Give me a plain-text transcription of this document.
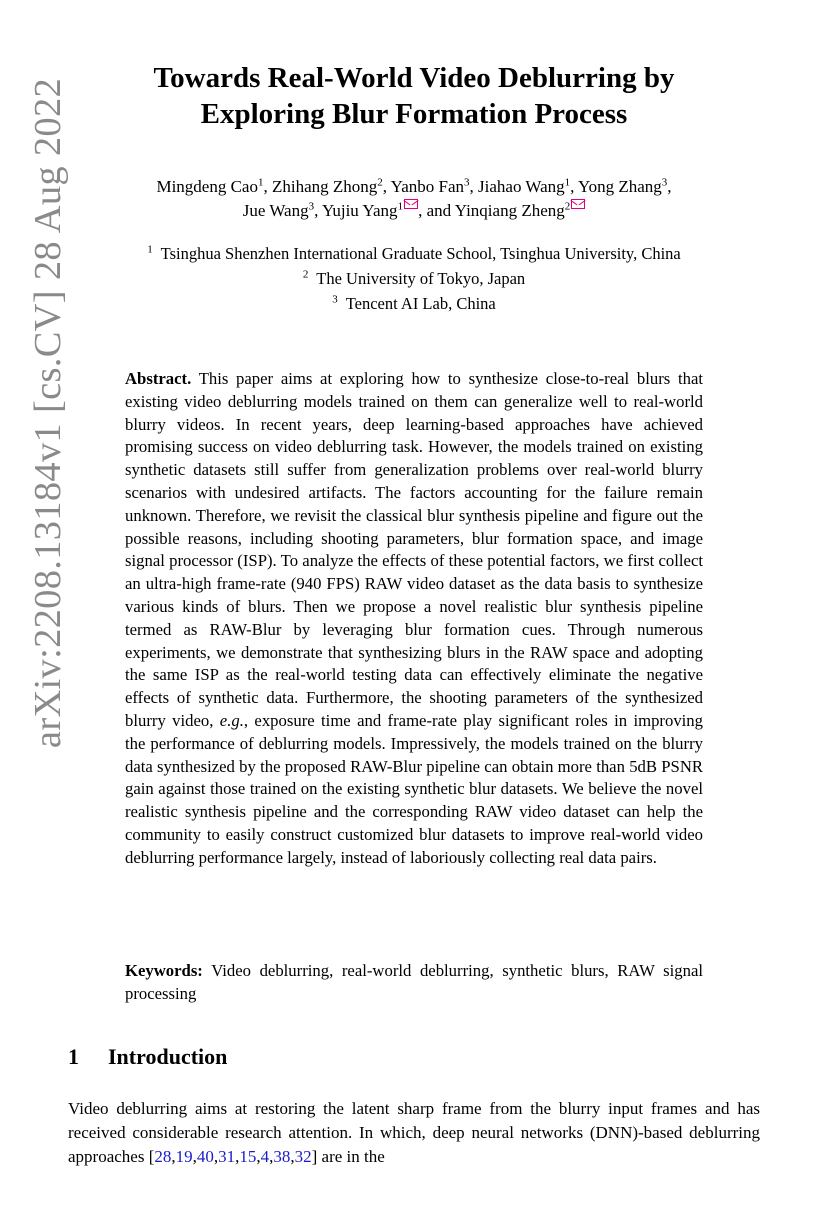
arXiv:2208.13184v1 [cs.CV] 28 Aug 2022	Towards Real-World Video Deblurring by
Exploring Blur Formation Process
Mingdeng Cao$^1$, Zhihang Zhong$^2$, Yanbo Fan$^3$, Jiahao Wang$^1$, Yong Zhang$^3$,
Jue Wang$^3$, Yujiu Yang$^1$ , and Yinqiang Zheng$^2$
$^1$ Tsinghua Shenzhen International Graduate School, Tsinghua University, China
$^2$ The University of Tokyo, Japan
$^3$ Tencent AI Lab, China

Abstract. This paper aims at exploring how to synthesize close-to-real blurs that existing video deblurring models trained on them can generalize well to real-world blurry videos. In recent years, deep learning-based approaches have achieved promising success on video deblurring task. However, the models trained on existing synthetic datasets still suffer from generalization problems over real-world blurry scenarios with undesired artifacts. The factors accounting for the failure remain unknown. Therefore, we revisit the classical blur synthesis pipeline and figure out the possible reasons, including shooting parameters, blur formation space, and image signal processor (ISP). To analyze the effects of these potential factors, we first collect an ultra-high frame-rate (940 FPS) RAW video dataset as the data basis to synthesize various kinds of blurs. Then we propose a novel realistic blur synthesis pipeline termed as RAW-Blur by leveraging blur formation cues. Through numerous experiments, we demonstrate that synthesizing blurs in the RAW space and adopting the same ISP as the real-world testing data can effectively eliminate the negative effects of synthetic data. Furthermore, the shooting parameters of the synthesized blurry video, e.g., exposure time and frame-rate play significant roles in improving the performance of deblurring models. Impressively, the models trained on the blurry data synthesized by the proposed RAW-Blur pipeline can obtain more than 5dB PSNR gain against those trained on the existing synthetic blur datasets. We believe the novel realistic synthesis pipeline and the corresponding RAW video dataset can help the community to easily construct customized blur datasets to improve real-world video deblurring performance largely, instead of laboriously collecting real data pairs.

Keywords: Video deblurring, real-world deblurring, synthetic blurs, RAW signal processing

1 Introduction

Video deblurring aims at restoring the latent sharp frame from the blurry input frames and has received considerable research attention. In which, deep neural networks (DNN)-based deblurring approaches [28,19,40,31,15,4,38,32] are in the
